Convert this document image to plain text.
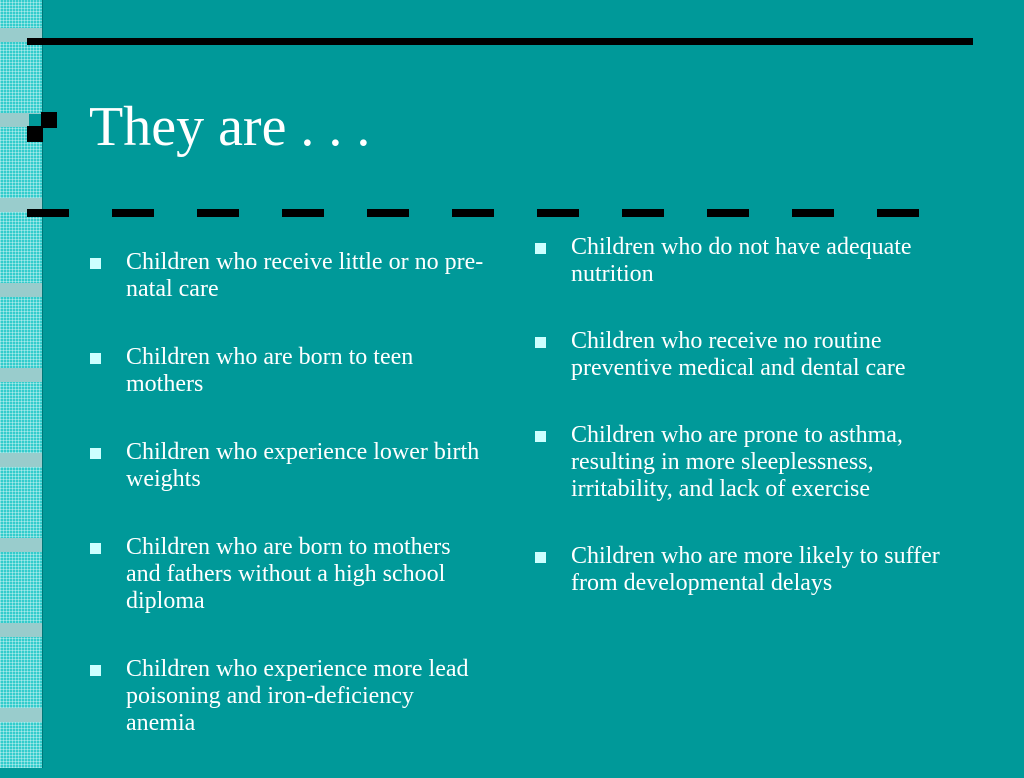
They are . . .
Children who receive little or no pre-natal care
Children who are born to teen mothers
Children who experience lower birth weights
Children who are born to mothers and fathers without a high school diploma
Children who experience more lead poisoning and iron-deficiency anemia
Children who do not have adequate nutrition
Children who receive no routine preventive medical and dental care
Children who are prone to asthma, resulting in more sleeplessness, irritability, and lack of exercise
Children who are more likely to suffer from developmental delays
